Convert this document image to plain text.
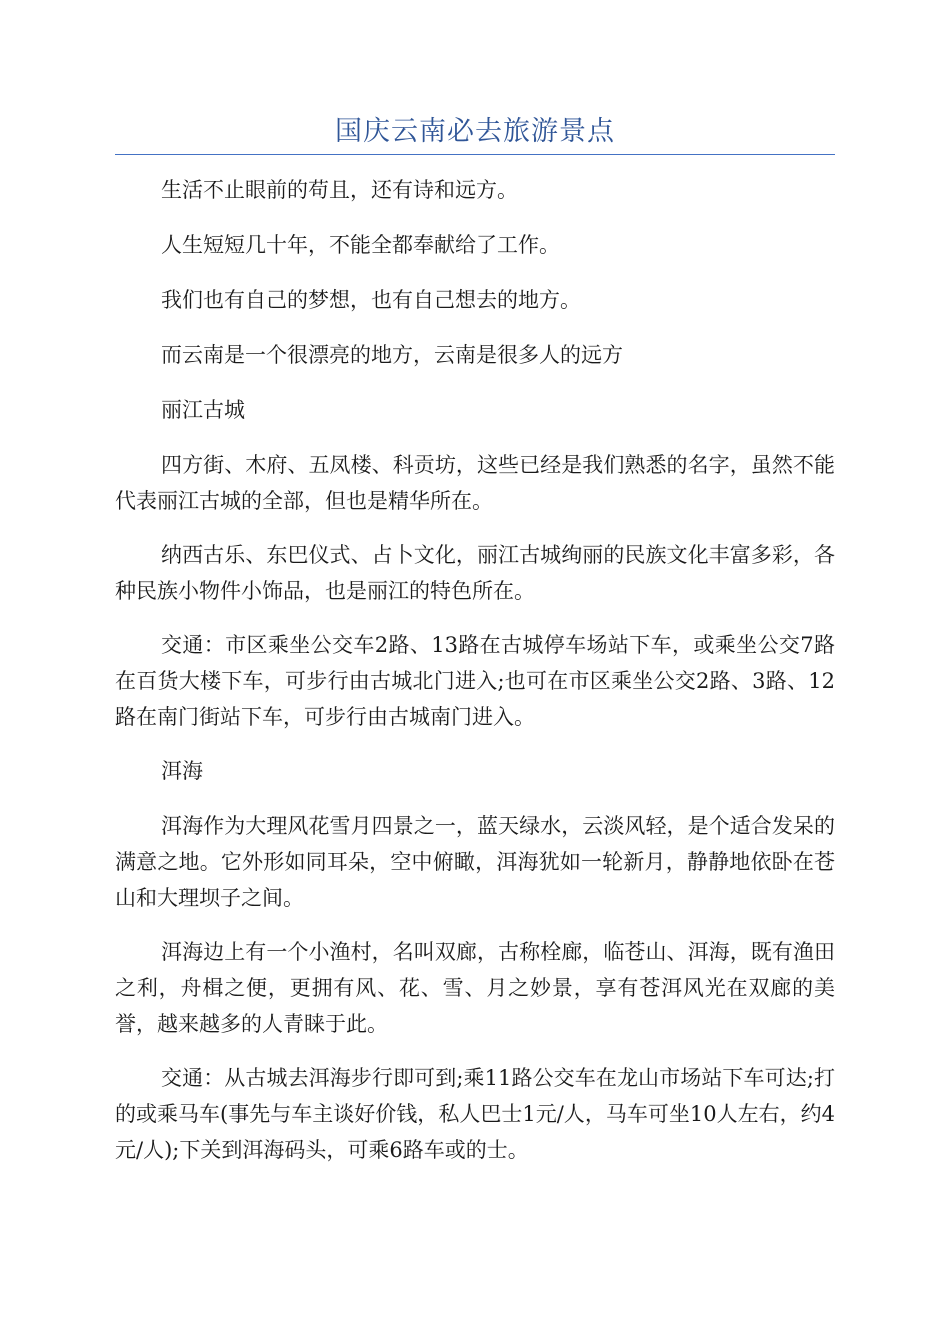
国庆云南必去旅游景点

生活不止眼前的苟且，还有诗和远方。

人生短短几十年，不能全都奉献给了工作。

我们也有自己的梦想，也有自己想去的地方。

而云南是一个很漂亮的地方，云南是很多人的远方

丽江古城

四方街、木府、五凤楼、科贡坊，这些已经是我们熟悉的名字，虽然不能代表丽江古城的全部，但也是精华所在。

纳西古乐、东巴仪式、占卜文化，丽江古城绚丽的民族文化丰富多彩，各种民族小物件小饰品，也是丽江的特色所在。

交通：市区乘坐公交车2路、13路在古城停车场站下车，或乘坐公交7路在百货大楼下车，可步行由古城北门进入;也可在市区乘坐公交2路、3路、12路在南门街站下车，可步行由古城南门进入。

洱海

洱海作为大理风花雪月四景之一，蓝天绿水，云淡风轻，是个适合发呆的满意之地。它外形如同耳朵，空中俯瞰，洱海犹如一轮新月，静静地依卧在苍山和大理坝子之间。

洱海边上有一个小渔村，名叫双廊，古称栓廊，临苍山、洱海，既有渔田之利，舟楫之便，更拥有风、花、雪、月之妙景，享有苍洱风光在双廊的美誉，越来越多的人青睐于此。

交通：从古城去洱海步行即可到;乘11路公交车在龙山市场站下车可达;打的或乘马车(事先与车主谈好价钱，私人巴士1元/人，马车可坐10人左右，约4元/人);下关到洱海码头，可乘6路车或的士。
